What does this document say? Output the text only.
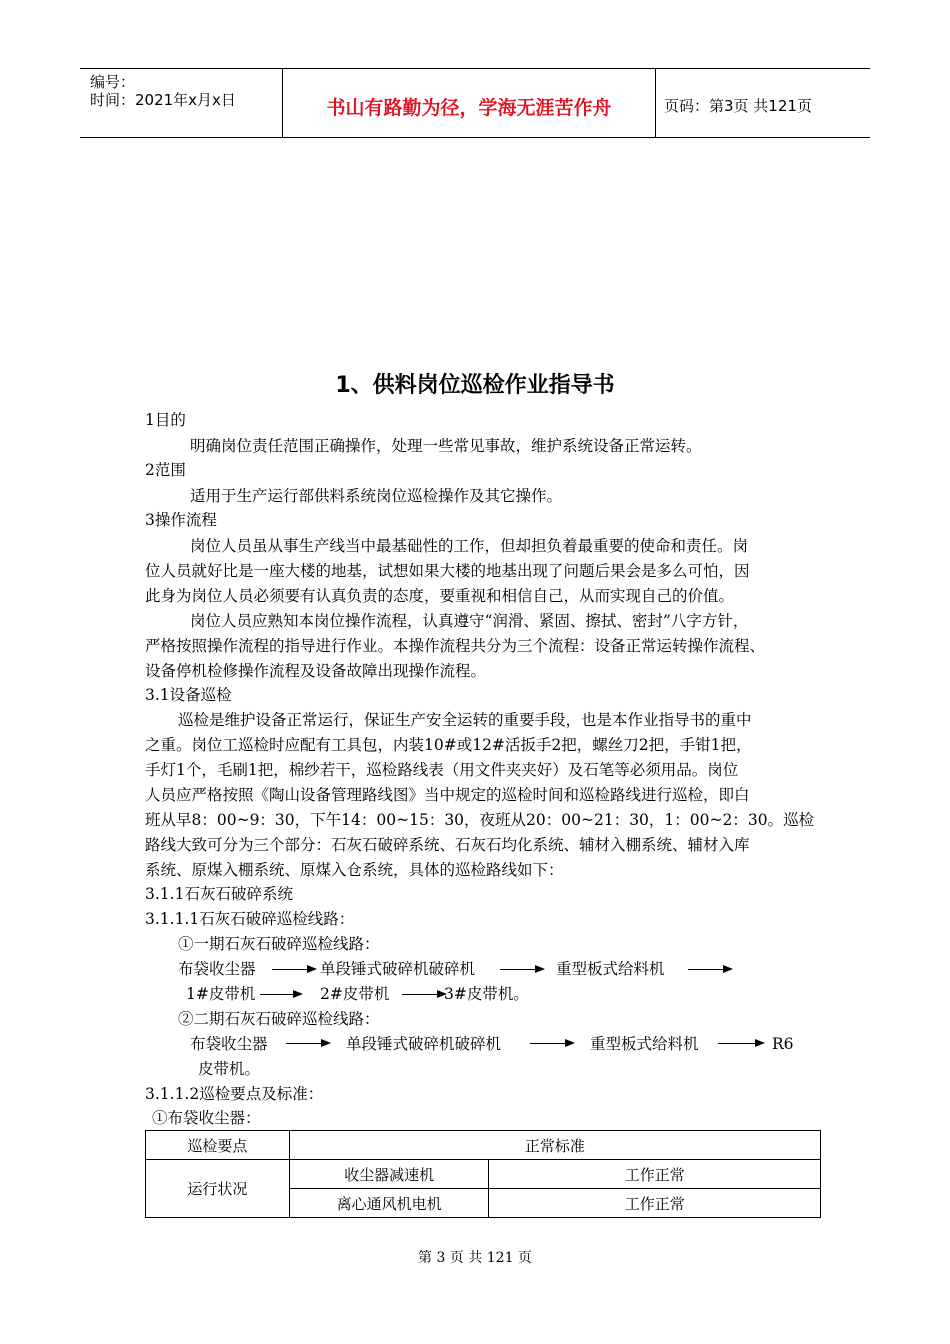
编号：
时间：2021年x月x日	书山有路勤为径，学海无涯苦作舟	页码：第3页 共121页
1、供料岗位巡检作业指导书
1目的
明确岗位责任范围正确操作，处理一些常见事故，维护系统设备正常运转。
2范围
适用于生产运行部供料系统岗位巡检操作及其它操作。
3操作流程
岗位人员虽从事生产线当中最基础性的工作，但却担负着最重要的使命和责任。岗
位人员就好比是一座大楼的地基，试想如果大楼的地基出现了问题后果会是多么可怕，因
此身为岗位人员必须要有认真负责的态度，要重视和相信自己，从而实现自己的价值。
岗位人员应熟知本岗位操作流程，认真遵守“润滑、紧固、擦拭、密封”八字方针，
严格按照操作流程的指导进行作业。本操作流程共分为三个流程：设备正常运转操作流程、
设备停机检修操作流程及设备故障出现操作流程。
3.1设备巡检
巡检是维护设备正常运行，保证生产安全运转的重要手段，也是本作业指导书的重中
之重。岗位工巡检时应配有工具包，内装10#或12#活扳手2把，螺丝刀2把，手钳1把，
手灯1个，毛刷1把，棉纱若干，巡检路线表（用文件夹夹好）及石笔等必须用品。岗位
人员应严格按照《陶山设备管理路线图》当中规定的巡检时间和巡检路线进行巡检，即白
班从早8：00~9：30，下午14：00~15：30，夜班从20：00~21：30，1：00~2：30。巡检
路线大致可分为三个部分：石灰石破碎系统、石灰石均化系统、辅材入棚系统、辅材入库
系统、原煤入棚系统、原煤入仓系统，具体的巡检路线如下：
3.1.1石灰石破碎系统
3.1.1.1石灰石破碎巡检线路：
①一期石灰石破碎巡检线路：
布袋收尘器	单段锤式破碎机破碎机	重型板式给料机
1#皮带机	2#皮带机	3#皮带机。
②二期石灰石破碎巡检线路：
布袋收尘器	单段锤式破碎机破碎机	重型板式给料机	R6
皮带机。
3.1.1.2巡检要点及标准：
①布袋收尘器：
巡检要点	正常标准	
运行状况	收尘器减速机	工作正常
	离心通风机电机	工作正常
第 3 页 共 121 页
